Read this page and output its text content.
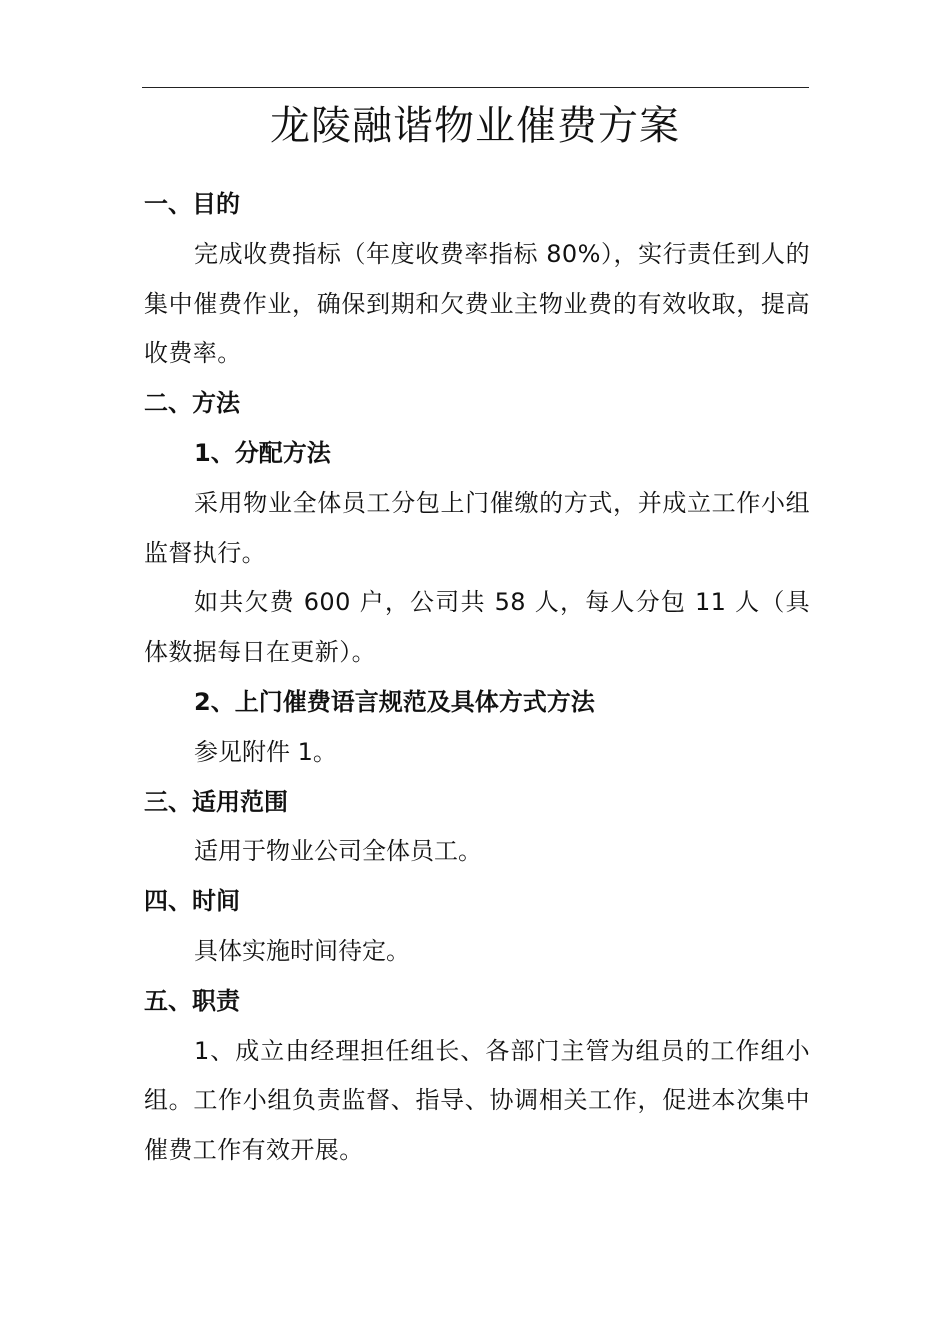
龙陵融谐物业催费方案

一、目的

完成收费指标（年度收费率指标 80%），实行责任到人的集中催费作业，确保到期和欠费业主物业费的有效收取，提高收费率。

二、方法

1、分配方法

采用物业全体员工分包上门催缴的方式，并成立工作小组监督执行。

如共欠费 600 户，公司共 58 人，每人分包 11 人（具体数据每日在更新）。

2、上门催费语言规范及具体方式方法

参见附件 1。

三、适用范围

适用于物业公司全体员工。

四、时间

具体实施时间待定。

五、职责

1、成立由经理担任组长、各部门主管为组员的工作组小组。工作小组负责监督、指导、协调相关工作，促进本次集中催费工作有效开展。
